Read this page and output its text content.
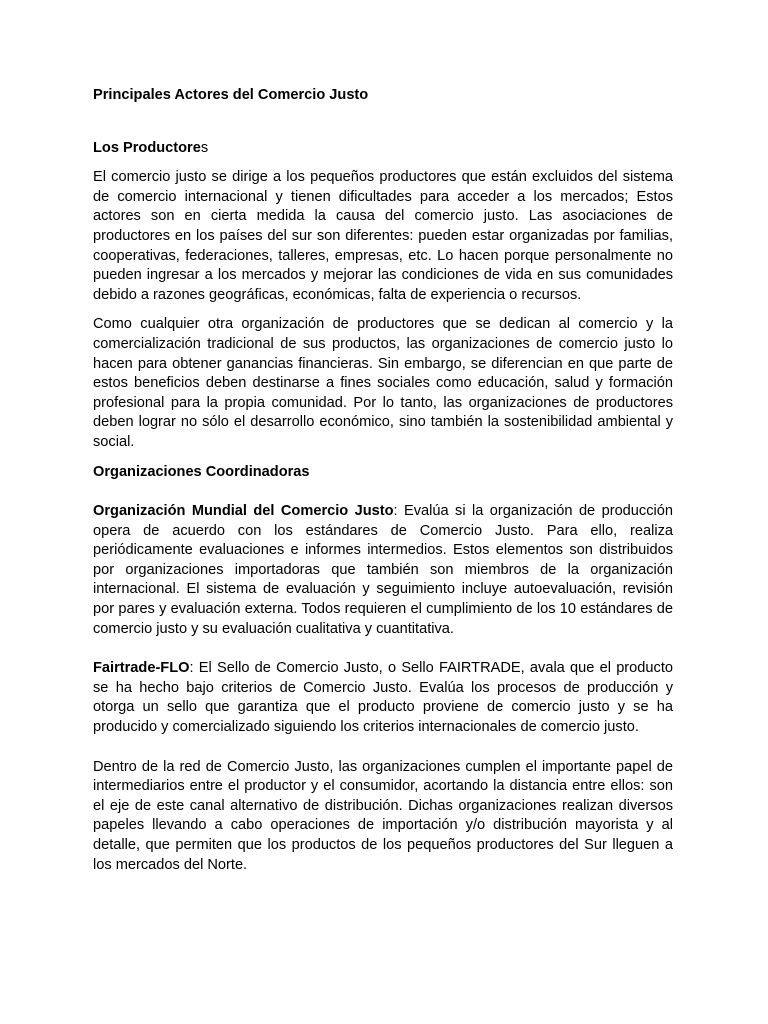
Principales Actores del Comercio Justo
Los Productores

El comercio justo se dirige a los pequeños productores que están excluidos del sistema de comercio internacional y tienen dificultades para acceder a los mercados; Estos actores son en cierta medida la causa del comercio justo. Las asociaciones de productores en los países del sur son diferentes: pueden estar organizadas por familias, cooperativas, federaciones, talleres, empresas, etc. Lo hacen porque personalmente no pueden ingresar a los mercados y mejorar las condiciones de vida en sus comunidades debido a razones geográficas, económicas, falta de experiencia o recursos.

Como cualquier otra organización de productores que se dedican al comercio y la comercialización tradicional de sus productos, las organizaciones de comercio justo lo hacen para obtener ganancias financieras. Sin embargo, se diferencian en que parte de estos beneficios deben destinarse a fines sociales como educación, salud y formación profesional para la propia comunidad. Por lo tanto, las organizaciones de productores deben lograr no sólo el desarrollo económico, sino también la sostenibilidad ambiental y social.

Organizaciones Coordinadoras

Organización Mundial del Comercio Justo: Evalúa si la organización de producción opera de acuerdo con los estándares de Comercio Justo. Para ello, realiza periódicamente evaluaciones e informes intermedios. Estos elementos son distribuidos por organizaciones importadoras que también son miembros de la organización internacional. El sistema de evaluación y seguimiento incluye autoevaluación, revisión por pares y evaluación externa. Todos requieren el cumplimiento de los 10 estándares de comercio justo y su evaluación cualitativa y cuantitativa.

Fairtrade-FLO: El Sello de Comercio Justo, o Sello FAIRTRADE, avala que el producto se ha hecho bajo criterios de Comercio Justo. Evalúa los procesos de producción y otorga un sello que garantiza que el producto proviene de comercio justo y se ha producido y comercializado siguiendo los criterios internacionales de comercio justo.

Dentro de la red de Comercio Justo, las organizaciones cumplen el importante papel de intermediarios entre el productor y el consumidor, acortando la distancia entre ellos: son el eje de este canal alternativo de distribución. Dichas organizaciones realizan diversos papeles llevando a cabo operaciones de importación y/o distribución mayorista y al detalle, que permiten que los productos de los pequeños productores del Sur lleguen a los mercados del Norte.
